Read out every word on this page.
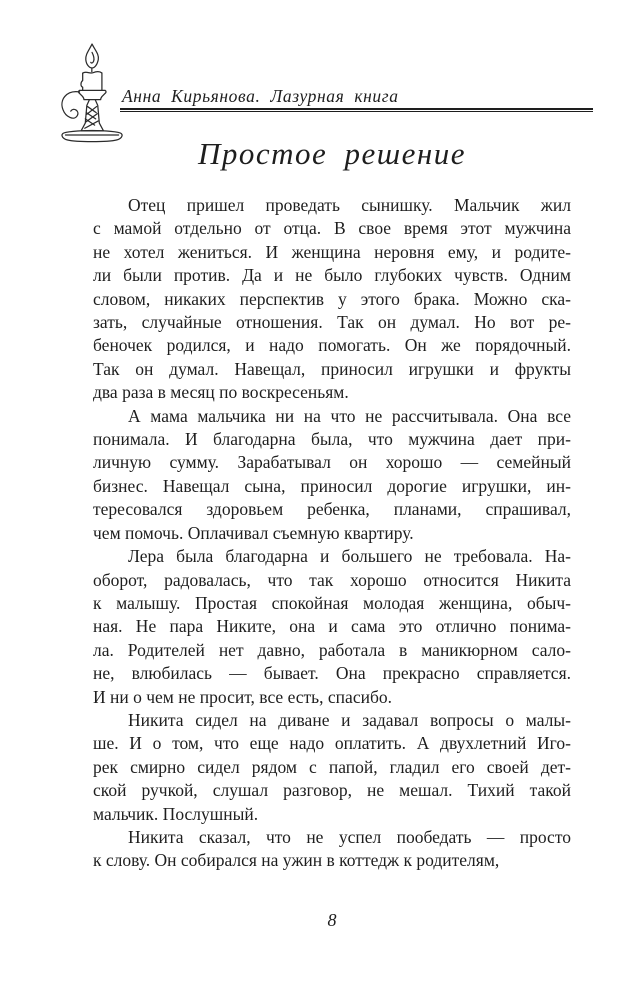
Анна Кирьянова. Лазурная книга
Простое решение
Отец пришел проведать сынишку. Мальчик жил
с мамой отдельно от отца. В свое время этот мужчина
не хотел жениться. И женщина неровня ему, и родите-
ли были против. Да и не было глубоких чувств. Одним
словом, никаких перспектив у этого брака. Можно ска-
зать, случайные отношения. Так он думал. Но вот ре-
беночек родился, и надо помогать. Он же порядочный.
Так он думал. Навещал, приносил игрушки и фрукты
два раза в месяц по воскресеньям.
А мама мальчика ни на что не рассчитывала. Она все
понимала. И благодарна была, что мужчина дает при-
личную сумму. Зарабатывал он хорошо — семейный
бизнес. Навещал сына, приносил дорогие игрушки, ин-
тересовался здоровьем ребенка, планами, спрашивал,
чем помочь. Оплачивал съемную квартиру.
Лера была благодарна и большего не требовала. На-
оборот, радовалась, что так хорошо относится Никита
к малышу. Простая спокойная молодая женщина, обыч-
ная. Не пара Никите, она и сама это отлично понима-
ла. Родителей нет давно, работала в маникюрном сало-
не, влюбилась — бывает. Она прекрасно справляется.
И ни о чем не просит, все есть, спасибо.
Никита сидел на диване и задавал вопросы о малы-
ше. И о том, что еще надо оплатить. А двухлетний Иго-
рек смирно сидел рядом с папой, гладил его своей дет-
ской ручкой, слушал разговор, не мешал. Тихий такой
мальчик. Послушный.
Никита сказал, что не успел пообедать — просто
к слову. Он собирался на ужин в коттедж к родителям,
8
